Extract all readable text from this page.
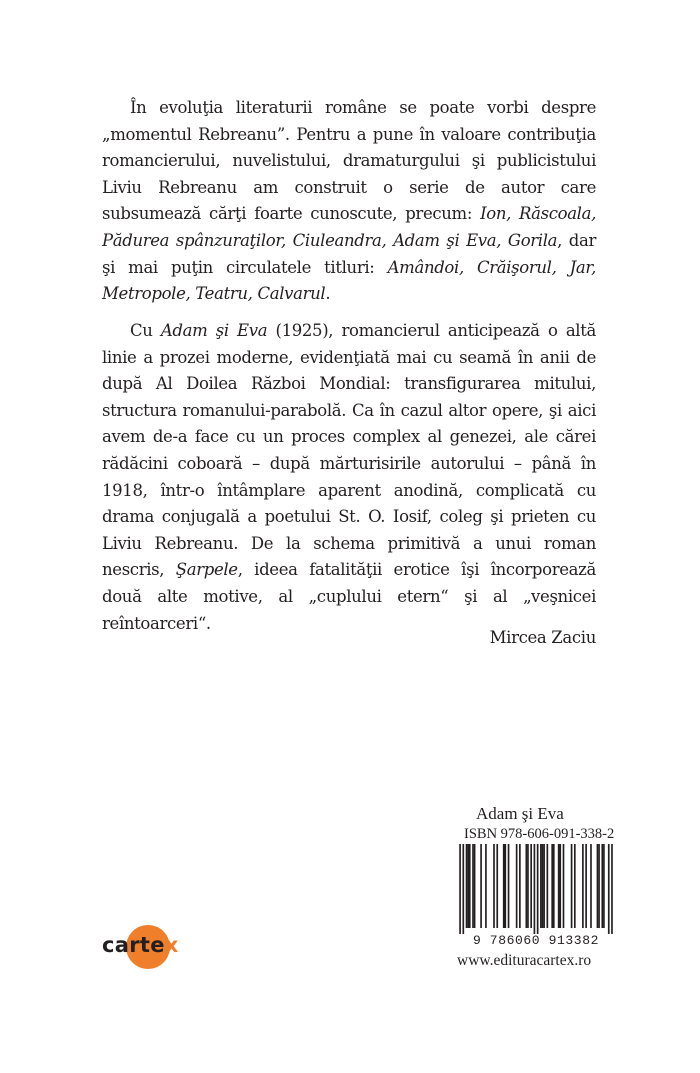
În evoluţia literaturii române se poate vorbi despre „momentul Rebreanu”. Pentru a pune în valoare contribuţia romancierului, nuvelistului, dramaturgului şi publicistului Liviu Rebreanu am construit o serie de autor care subsumează cărţi foarte cunoscute, precum: Ion, Răscoala, Pădurea spânzuraţilor, Ciuleandra, Adam şi Eva, Gorila, dar şi mai puţin circulatele titluri: Amândoi, Crăişorul, Jar, Metropole, Teatru, Calvarul.

Cu Adam şi Eva (1925), romancierul anticipează o altă linie a prozei moderne, evidenţiată mai cu seamă în anii de după Al Doilea Război Mondial: transfigurarea mitului, structura romanului-parabolă. Ca în cazul altor opere, şi aici avem de-a face cu un proces complex al genezei, ale cărei rădăcini coboară – după mărturisirile autorului – până în 1918, într-o întâmplare aparent anodină, complicată cu drama conjugală a poetului St. O. Iosif, coleg şi prieten cu Liviu Rebreanu. De la schema primitivă a unui roman nescris, Şarpele, ideea fatalităţii erotice îşi încorporează două alte motive, al „cuplului etern“ şi al „veşnicei reîntoarceri“.

Mircea Zaciu
Adam şi Eva
ISBN 978-606-091-338-2
9 786060 913382
www.edituracartex.ro
cartex
